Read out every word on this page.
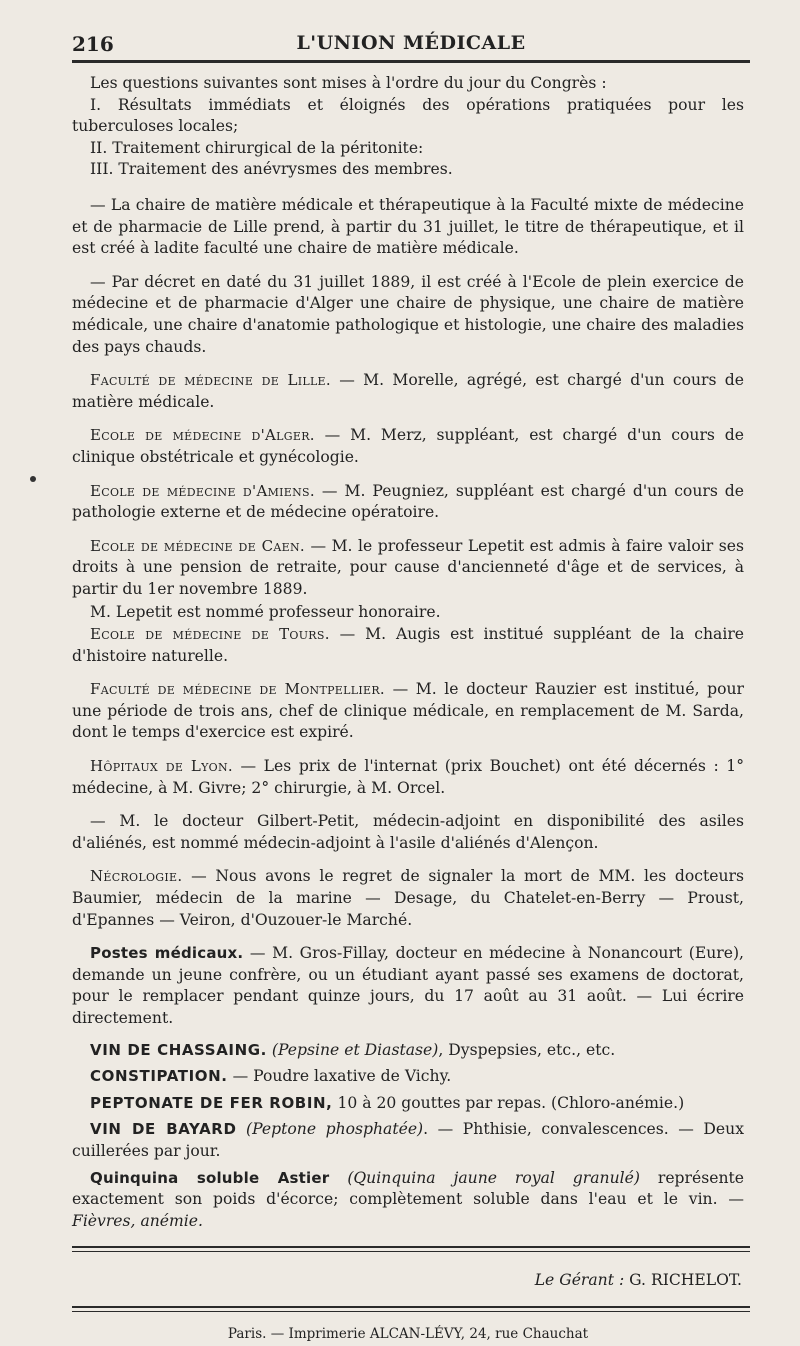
216	L'UNION MÉDICALE

Les questions suivantes sont mises à l'ordre du jour du Congrès :

I. Résultats immédiats et éloignés des opérations pratiquées pour les tuberculoses locales;

II. Traitement chirurgical de la péritonite:

III. Traitement des anévrysmes des membres.

— La chaire de matière médicale et thérapeutique à la Faculté mixte de médecine et de pharmacie de Lille prend, à partir du 31 juillet, le titre de thérapeutique, et il est créé à ladite faculté une chaire de matière médicale.

— Par décret en daté du 31 juillet 1889, il est créé à l'Ecole de plein exercice de médecine et de pharmacie d'Alger une chaire de physique, une chaire de matière médicale, une chaire d'anatomie pathologique et histologie, une chaire des maladies des pays chauds.

Faculté de médecine de Lille. — M. Morelle, agrégé, est chargé d'un cours de matière médicale.

Ecole de médecine d'Alger. — M. Merz, suppléant, est chargé d'un cours de clinique obstétricale et gynécologie.

Ecole de médecine d'Amiens. — M. Peugniez, suppléant est chargé d'un cours de pathologie externe et de médecine opératoire.

Ecole de médecine de Caen. — M. le professeur Lepetit est admis à faire valoir ses droits à une pension de retraite, pour cause d'ancienneté d'âge et de services, à partir du 1er novembre 1889.

M. Lepetit est nommé professeur honoraire.

Ecole de médecine de Tours. — M. Augis est institué suppléant de la chaire d'histoire naturelle.

Faculté de médecine de Montpellier. — M. le docteur Rauzier est institué, pour une période de trois ans, chef de clinique médicale, en remplacement de M. Sarda, dont le temps d'exercice est expiré.

Hôpitaux de Lyon. — Les prix de l'internat (prix Bouchet) ont été décernés : 1° médecine, à M. Givre; 2° chirurgie, à M. Orcel.

— M. le docteur Gilbert-Petit, médecin-adjoint en disponibilité des asiles d'aliénés, est nommé médecin-adjoint à l'asile d'aliénés d'Alençon.

Nécrologie. — Nous avons le regret de signaler la mort de MM. les docteurs Baumier, médecin de la marine — Desage, du Chatelet-en-Berry — Proust, d'Epannes — Veiron, d'Ouzouer-le Marché.

Postes médicaux. — M. Gros-Fillay, docteur en médecine à Nonancourt (Eure), demande un jeune confrère, ou un étudiant ayant passé ses examens de doctorat, pour le remplacer pendant quinze jours, du 17 août au 31 août. — Lui écrire directement.

VIN DE CHASSAING. (Pepsine et Diastase), Dyspepsies, etc., etc.

CONSTIPATION. — Poudre laxative de Vichy.

PEPTONATE DE FER ROBIN, 10 à 20 gouttes par repas. (Chloro-anémie.)

VIN DE BAYARD (Peptone phosphatée). — Phthisie, convalescences. — Deux cuillerées par jour.

Quinquina soluble Astier (Quinquina jaune royal granulé) représente exactement son poids d'écorce; complètement soluble dans l'eau et le vin. — Fièvres, anémie.

Le Gérant : G. RICHELOT.
Paris. — Imprimerie ALCAN-LÉVY, 24, rue Chauchat
